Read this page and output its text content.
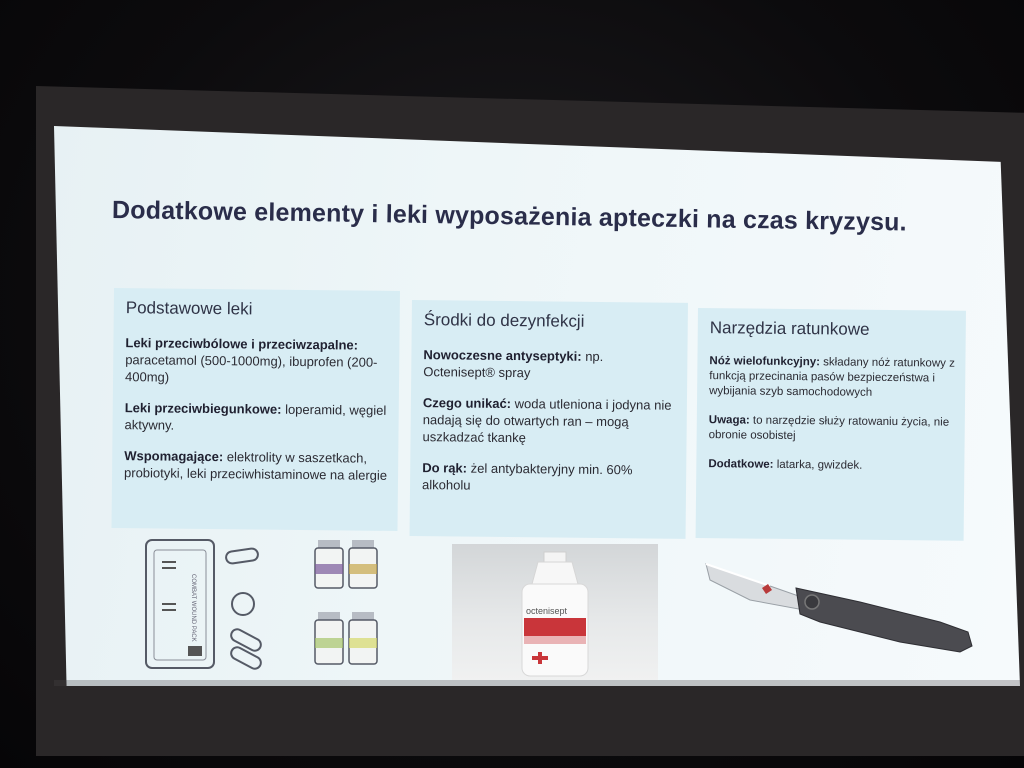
Dodatkowe elementy i leki wyposażenia apteczki na czas kryzysu.
Podstawowe leki
Leki przeciwbólowe i przeciwzapalne: paracetamol (500-1000mg), ibuprofen (200-400mg)
Leki przeciwbiegunkowe: loperamid, węgiel aktywny.
Wspomagające: elektrolity w saszetkach, probiotyki, leki przeciwhistaminowe na alergie
Środki do dezynfekcji
Nowoczesne antyseptyki: np. Octenisept® spray
Czego unikać: woda utleniona i jodyna nie nadają się do otwartych ran – mogą uszkadzać tkankę
Do rąk: żel antybakteryjny min. 60% alkoholu
Narzędzia ratunkowe
Nóż wielofunkcyjny: składany nóż ratunkowy z funkcją przecinania pasów bezpieczeństwa i wybijania szyb samochodowych
Uwaga: to narzędzie służy ratowaniu życia, nie obronie osobistej
Dodatkowe: latarka, gwizdek.
COMBAT WOUND PACK	octenisept
